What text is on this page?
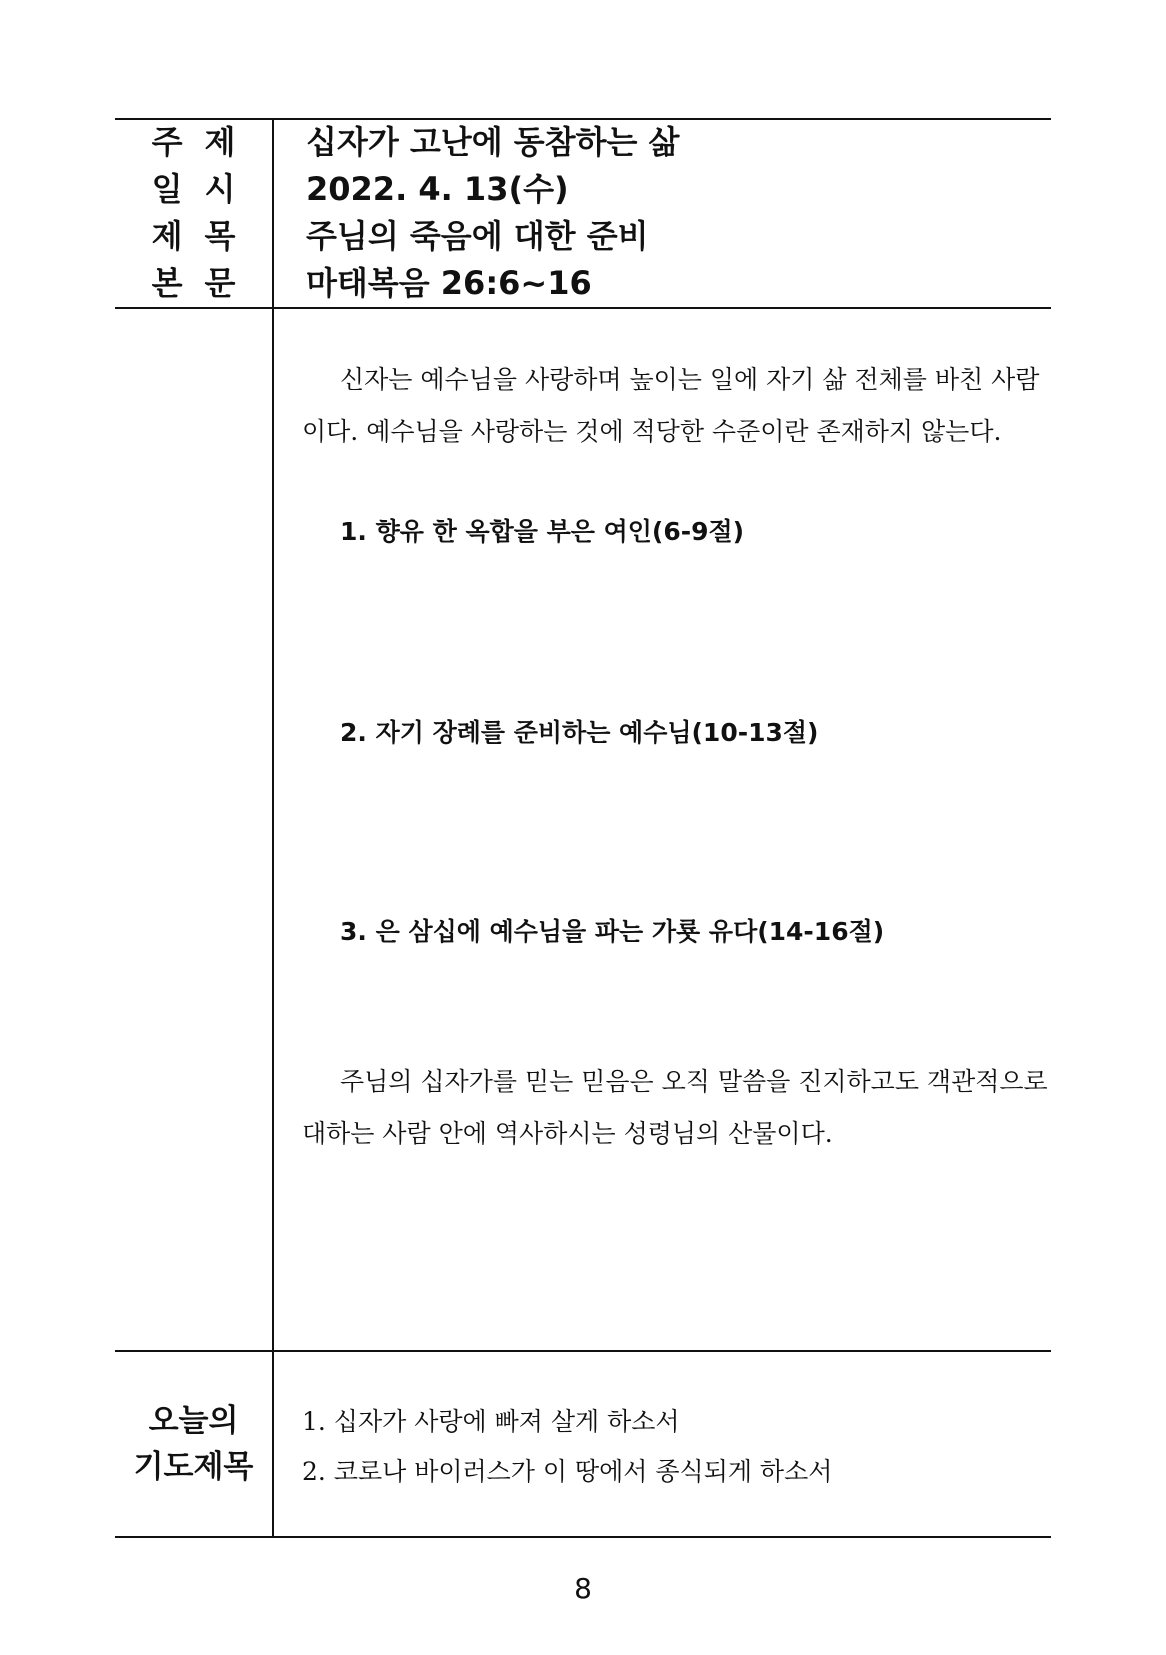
주제	십자가 고난에 동참하는 삶
일시	2022. 4. 13(수)
제목	주님의 죽음에 대한 준비
본문	마태복음 26:6~16

신자는 예수님을 사랑하며 높이는 일에 자기 삶 전체를 바친 사람이다. 예수님을 사랑하는 것에 적당한 수준이란 존재하지 않는다.

1. 향유 한 옥합을 부은 여인(6-9절)
2. 자기 장례를 준비하는 예수님(10-13절)
3. 은 삼십에 예수님을 파는 가룟 유다(14-16절)

주님의 십자가를 믿는 믿음은 오직 말씀을 진지하고도 객관적으로 대하는 사람 안에 역사하시는 성령님의 산물이다.

오늘의
기도제목
1. 십자가 사랑에 빠져 살게 하소서
2. 코로나 바이러스가 이 땅에서 종식되게 하소서
8
